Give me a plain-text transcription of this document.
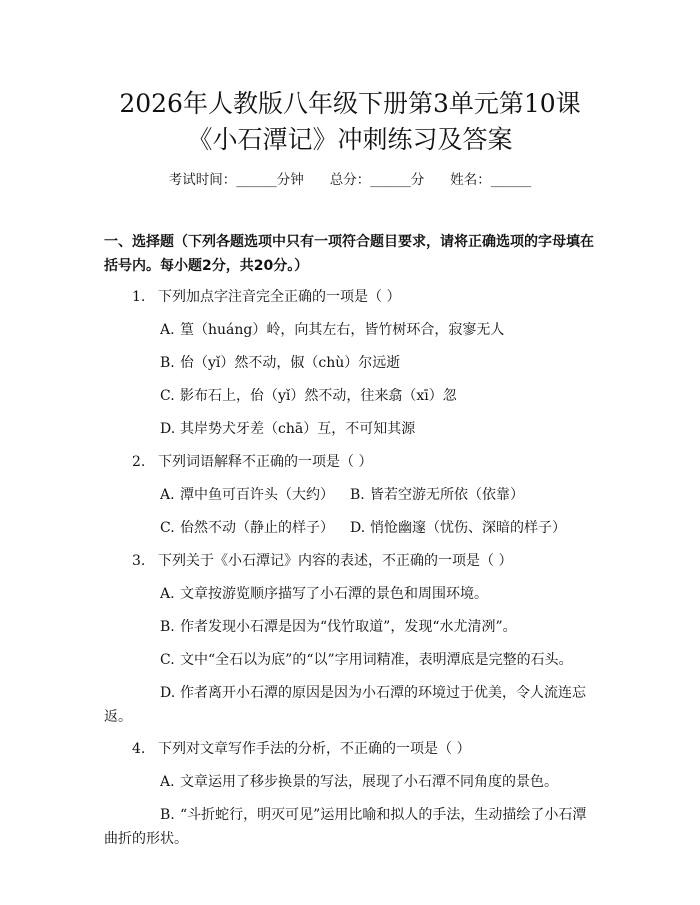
2026年人教版八年级下册第3单元第10课
《小石潭记》冲刺练习及答案
考试时间：______分钟 总分：______分 姓名：______

一、选择题（下列各题选项中只有一项符合题目要求，请将正确选项的字母填在括号内。每小题2分，共20分。）

1. 下列加点字注音完全正确的一项是（ ）
A. 篁（huáng）岭，向其左右，皆竹树环合，寂寥无人
B. 佁（yǐ）然不动，俶（chù）尔远逝
C. 影布石上，佁（yǐ）然不动，往来翕（xī）忽
D. 其岸势犬牙差（chā）互，不可知其源
2. 下列词语解释不正确的一项是（ ）
A. 潭中鱼可百许头（大约） B. 皆若空游无所依（依靠）
C. 佁然不动（静止的样子） D. 悄怆幽邃（忧伤、深暗的样子）
3. 下列关于《小石潭记》内容的表述，不正确的一项是（ ）
A. 文章按游览顺序描写了小石潭的景色和周围环境。
B. 作者发现小石潭是因为“伐竹取道”，发现“水尤清冽”。
C. 文中“全石以为底”的“以”字用词精准，表明潭底是完整的石头。
D. 作者离开小石潭的原因是因为小石潭的环境过于优美，令人流连忘
返。
4. 下列对文章写作手法的分析，不正确的一项是（ ）
A. 文章运用了移步换景的写法，展现了小石潭不同角度的景色。
B. “斗折蛇行，明灭可见”运用比喻和拟人的手法，生动描绘了小石潭
曲折的形状。
